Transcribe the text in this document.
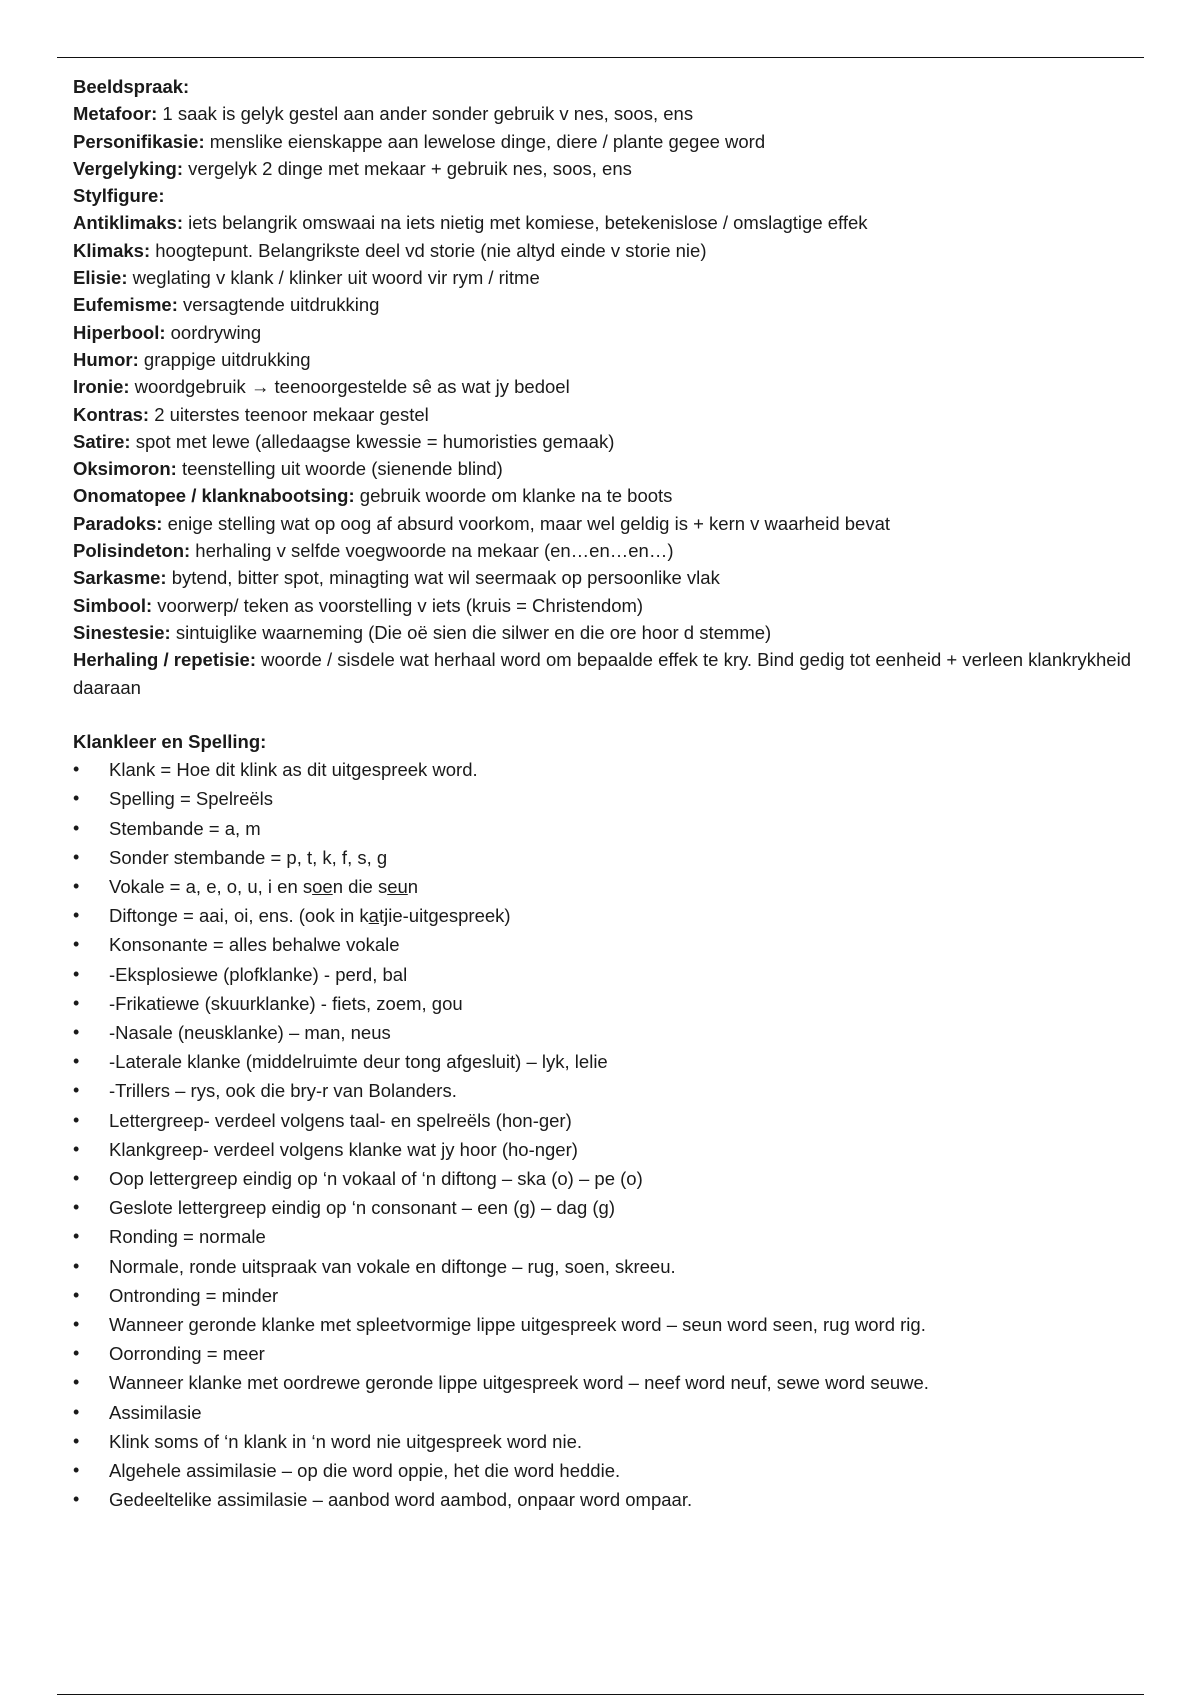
Beeldspraak:

Metafoor: 1 saak is gelyk gestel aan ander sonder gebruik v nes, soos, ens

Personifikasie: menslike eienskappe aan lewelose dinge, diere / plante gegee word

Vergelyking: vergelyk 2 dinge met mekaar + gebruik nes, soos, ens

Stylfigure:

Antiklimaks: iets belangrik omswaai na iets nietig met komiese, betekenislose / omslagtige effek

Klimaks: hoogtepunt. Belangrikste deel vd storie (nie altyd einde v storie nie)

Elisie: weglating v klank / klinker uit woord vir rym / ritme

Eufemisme: versagtende uitdrukking

Hiperbool: oordrywing

Humor: grappige uitdrukking

Ironie: woordgebruik → teenoorgestelde sê as wat jy bedoel

Kontras: 2 uiterstes teenoor mekaar gestel

Satire: spot met lewe (alledaagse kwessie = humoristies gemaak)

Oksimoron: teenstelling uit woorde (sienende blind)

Onomatopee / klanknabootsing: gebruik woorde om klanke na te boots

Paradoks: enige stelling wat op oog af absurd voorkom, maar wel geldig is + kern v waarheid bevat

Polisindeton: herhaling v selfde voegwoorde na mekaar (en…en…en…)

Sarkasme: bytend, bitter spot, minagting wat wil seermaak op persoonlike vlak

Simbool: voorwerp/ teken as voorstelling v iets (kruis = Christendom)

Sinestesie: sintuiglike waarneming (Die oë sien die silwer en die ore hoor d stemme)

Herhaling / repetisie: woorde / sisdele wat herhaal word om bepaalde effek te kry. Bind gedig tot eenheid + verleen klankrykheid daaraan

Klankleer en Spelling:

• Klank = Hoe dit klink as dit uitgespreek word.
• Spelling = Spelreëls
• Stembande = a, m
• Sonder stembande = p, t, k, f, s, g
• Vokale = a, e, o, u, i en soen die seun
• Diftonge = aai, oi, ens. (ook in katjie-uitgespreek)
• Konsonante = alles behalwe vokale
• -Eksplosiewe (plofklanke) - perd, bal
• -Frikatiewe (skuurklanke) - fiets, zoem, gou
• -Nasale (neusklanke) – man, neus
• -Laterale klanke (middelruimte deur tong afgesluit) – lyk, lelie
• -Trillers – rys, ook die bry-r van Bolanders.
• Lettergreep- verdeel volgens taal- en spelreëls (hon-ger)
• Klankgreep- verdeel volgens klanke wat jy hoor (ho-nger)
• Oop lettergreep eindig op ‘n vokaal of ‘n diftong – ska (o) – pe (o)
• Geslote lettergreep eindig op ‘n consonant – een (g) – dag (g)
• Ronding = normale
• Normale, ronde uitspraak van vokale en diftonge – rug, soen, skreeu.
• Ontronding = minder
• Wanneer geronde klanke met spleetvormige lippe uitgespreek word – seun word seen, rug word rig.
• Oorronding = meer
• Wanneer klanke met oordrewe geronde lippe uitgespreek word – neef word neuf, sewe word seuwe.
• Assimilasie
• Klink soms of ‘n klank in ‘n word nie uitgespreek word nie.
• Algehele assimilasie – op die word oppie, het die word heddie.
• Gedeeltelike assimilasie – aanbod word aambod, onpaar word ompaar.
